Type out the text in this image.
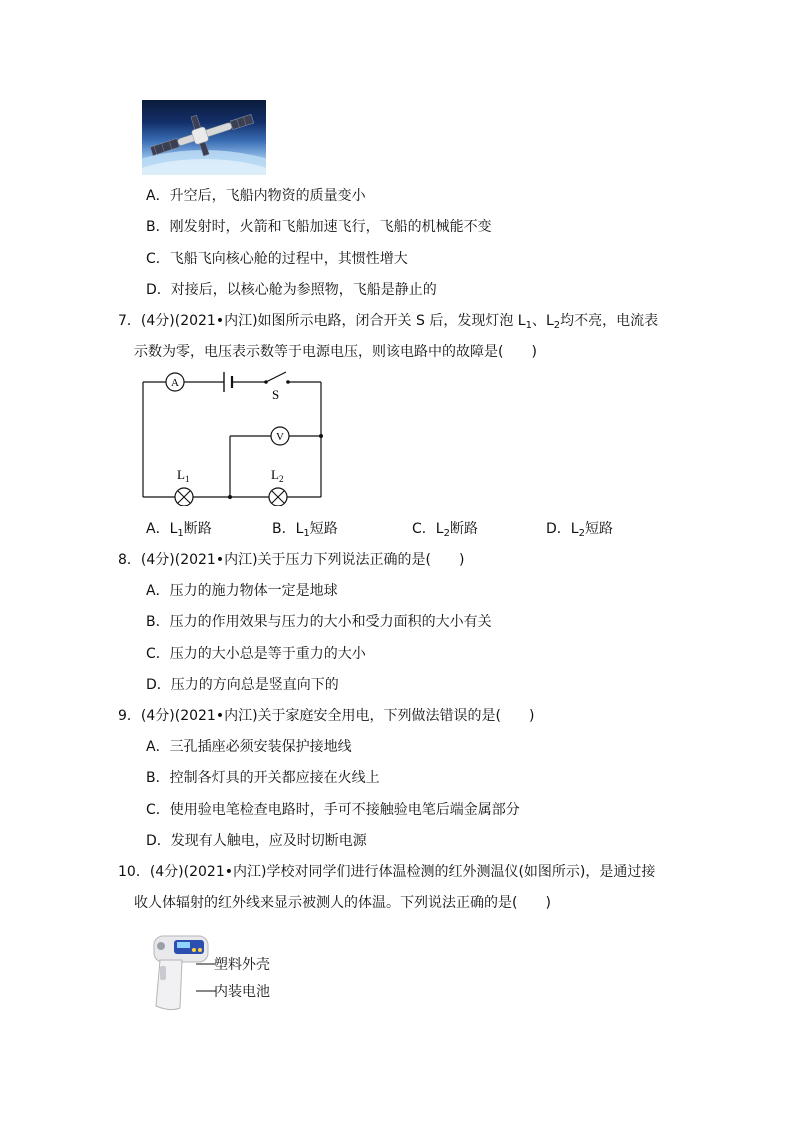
A．升空后，飞船内物资的质量变小
B．刚发射时，火箭和飞船加速飞行，飞船的机械能不变
C．飞船飞向核心舱的过程中，其惯性增大
D．对接后，以核心舱为参照物，飞船是静止的
7．(4分)(2021•内江)如图所示电路，闭合开关 S 后，发现灯泡 $L_1$、$L_2$均不亮，电流表
示数为零，电压表示数等于电源电压，则该电路中的故障是(　　)
A
V
S
$L_1$	$L_2$
A．$L_1$断路	B．$L_1$短路	C．$L_2$断路	D．$L_2$短路
8．(4分)(2021•内江)关于压力下列说法正确的是(　　)
A．压力的施力物体一定是地球
B．压力的作用效果与压力的大小和受力面积的大小有关
C．压力的大小总是等于重力的大小
D．压力的方向总是竖直向下的
9．(4分)(2021•内江)关于家庭安全用电，下列做法错误的是(　　)
A．三孔插座必须安装保护接地线
B．控制各灯具的开关都应接在火线上
C．使用验电笔检查电路时，手可不接触验电笔后端金属部分
D．发现有人触电，应及时切断电源
10．(4分)(2021•内江)学校对同学们进行体温检测的红外测温仪(如图所示)，是通过接
收人体辐射的红外线来显示被测人的体温。下列说法正确的是(　　)
塑料外壳
内装电池
